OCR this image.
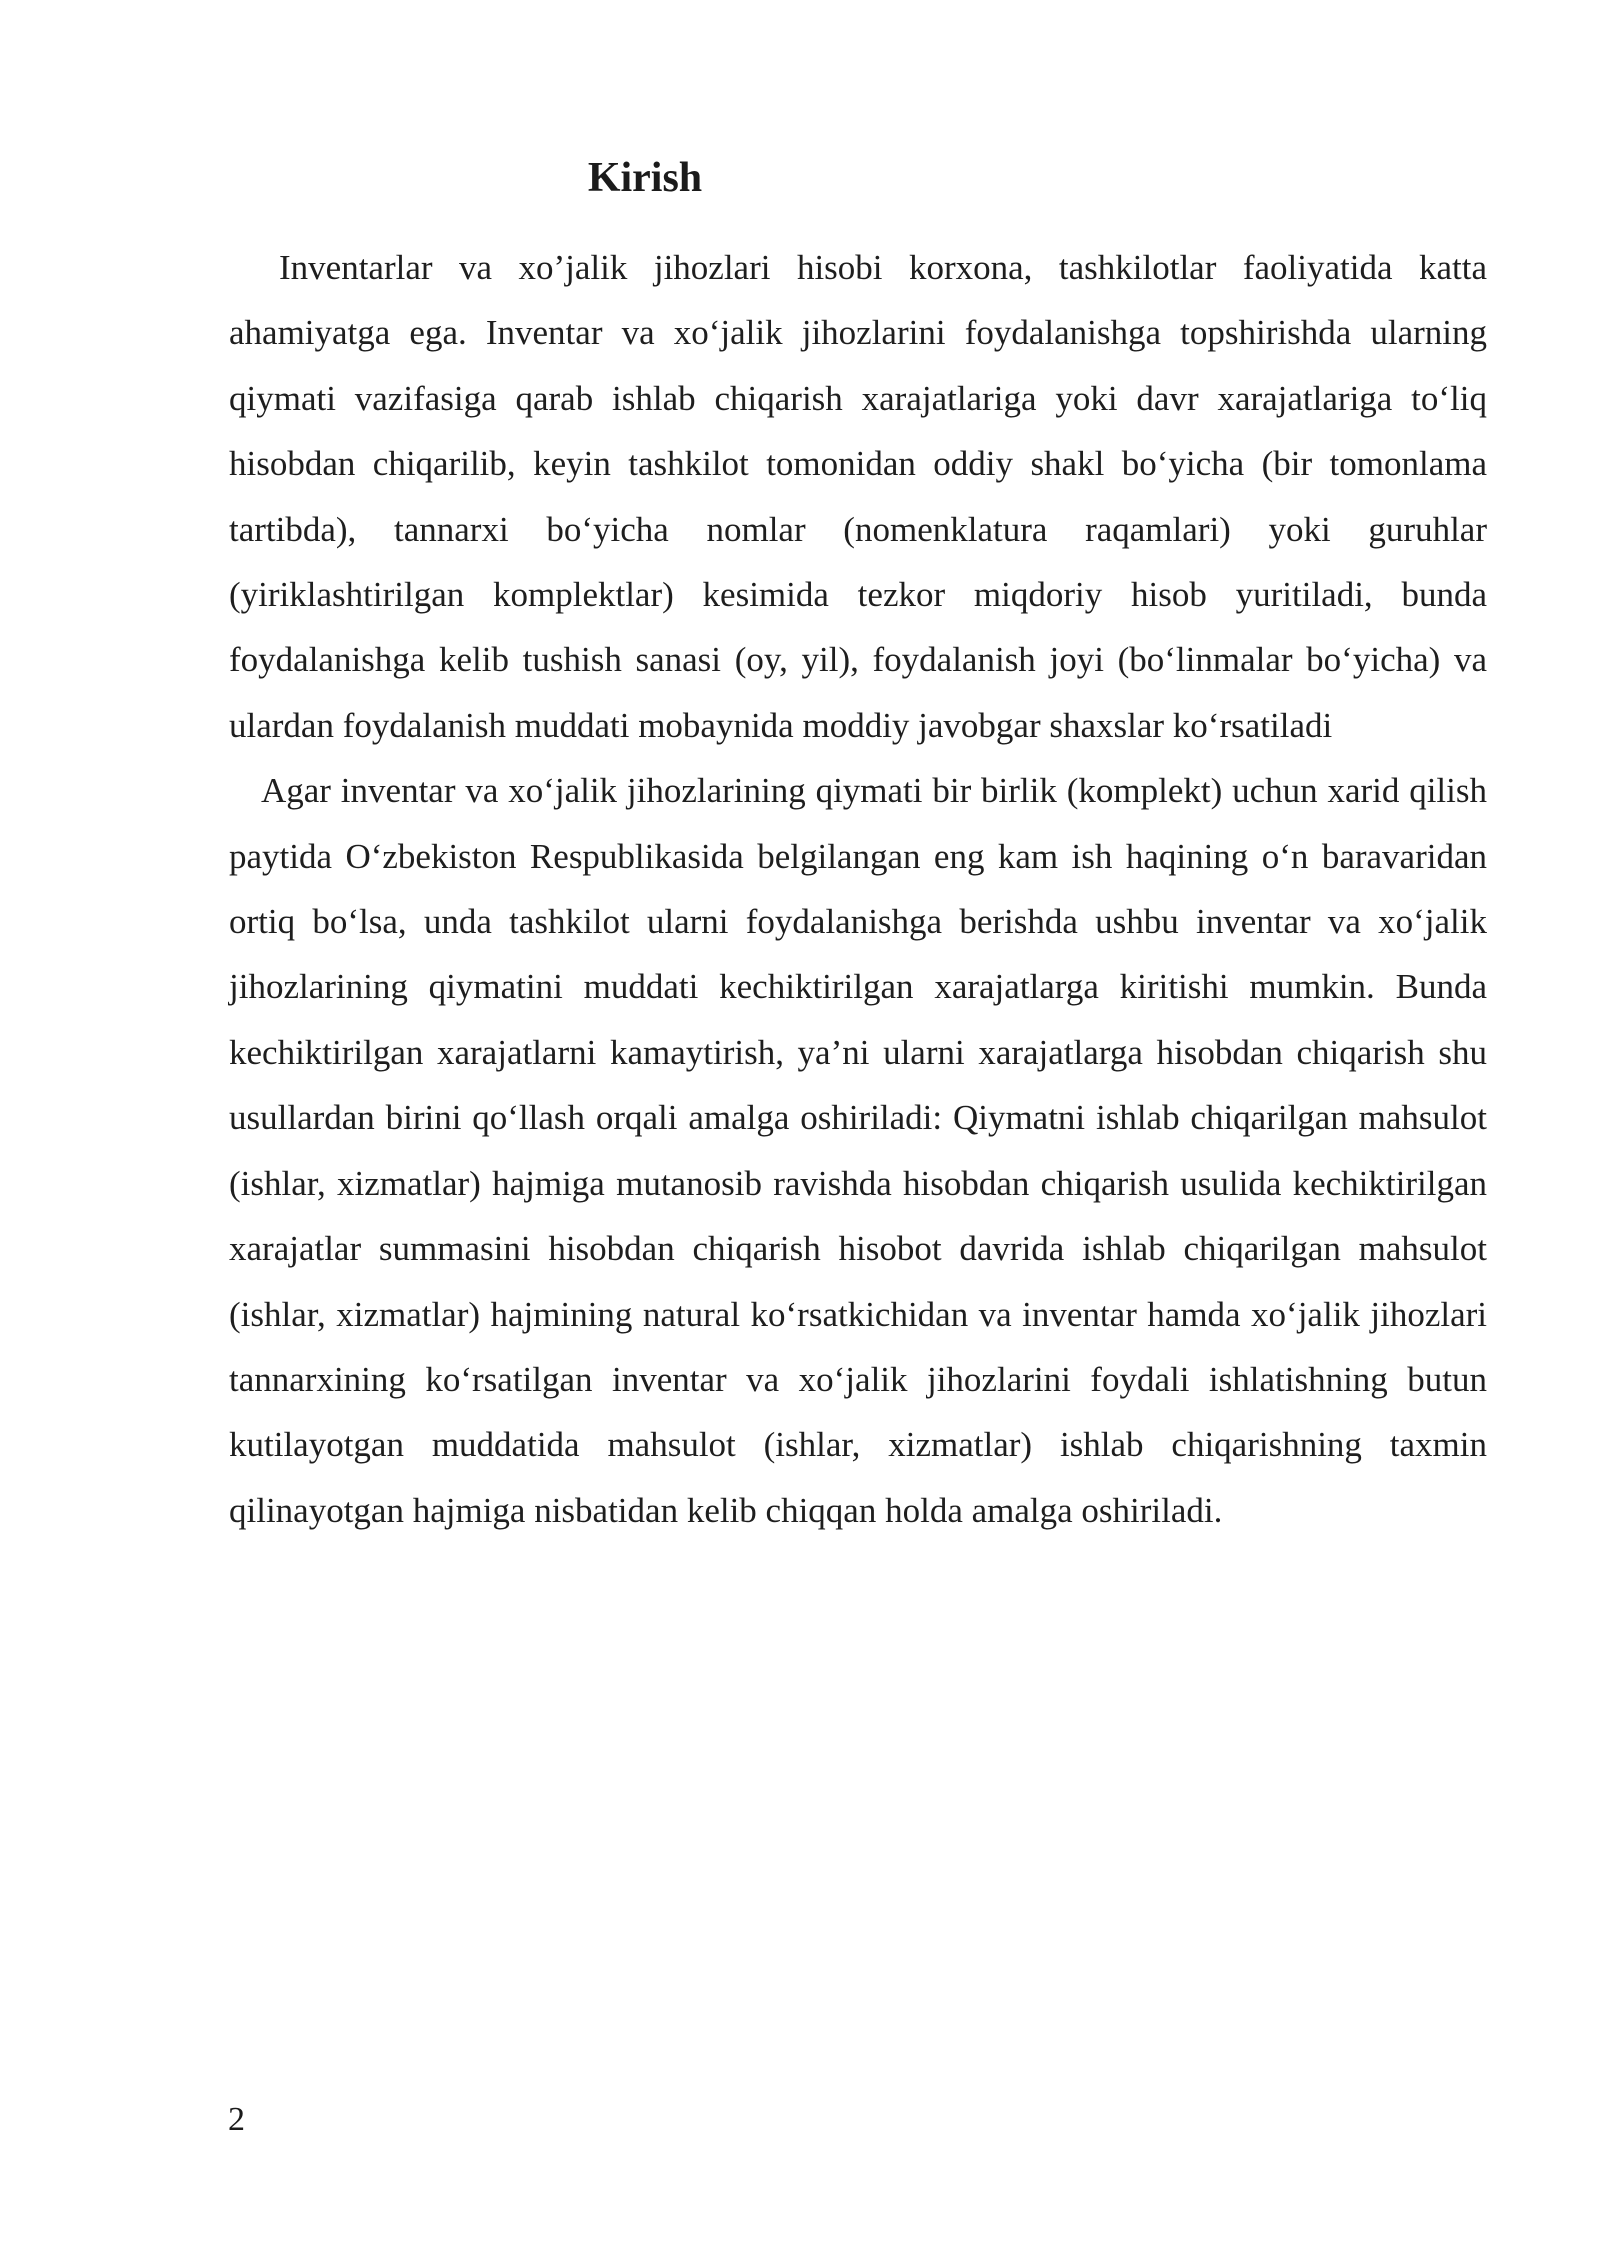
Kirish

Inventarlar va xo’jalik jihozlari hisobi korxona, tashkilotlar faoliyatida katta ahamiyatga ega. Inventar va xo‘jalik jihozlarini foydalanishga topshirishda ularning qiymati vazifasiga qarab ishlab chiqarish xarajatlariga yoki davr xarajatlariga to‘liq hisobdan chiqarilib, keyin tashkilot tomonidan oddiy shakl bo‘yicha (bir tomonlama tartibda), tannarxi bo‘yicha nomlar (nomenklatura raqamlari) yoki guruhlar (yiriklashtirilgan komplektlar) kesimida tezkor miqdoriy hisob yuritiladi, bunda foydalanishga kelib tushish sanasi (oy, yil), foydalanish joyi (bo‘linmalar bo‘yicha) va ulardan foydalanish muddati mobaynida moddiy javobgar shaxslar ko‘rsatiladi

Agar inventar va xo‘jalik jihozlarining qiymati bir birlik (komplekt) uchun xarid qilish paytida O‘zbekiston Respublikasida belgilangan eng kam ish haqining o‘n baravaridan ortiq bo‘lsa, unda tashkilot ularni foydalanishga berishda ushbu inventar va xo‘jalik jihozlarining qiymatini muddati kechiktirilgan xarajatlarga kiritishi mumkin. Bunda kechiktirilgan xarajatlarni kamaytirish, ya’ni ularni xarajatlarga hisobdan chiqarish shu usullardan birini qo‘llash orqali amalga oshiriladi: Qiymatni ishlab chiqarilgan mahsulot (ishlar, xizmatlar) hajmiga mutanosib ravishda hisobdan chiqarish usulida kechiktirilgan xarajatlar summasini hisobdan chiqarish hisobot davrida ishlab chiqarilgan mahsulot (ishlar, xizmatlar) hajmining natural ko‘rsatkichidan va inventar hamda xo‘jalik jihozlari tannarxining ko‘rsatilgan inventar va xo‘jalik jihozlarini foydali ishlatishning butun kutilayotgan muddatida mahsulot (ishlar, xizmatlar) ishlab chiqarishning taxmin qilinayotgan hajmiga nisbatidan kelib chiqqan holda amalga oshiriladi.

2
